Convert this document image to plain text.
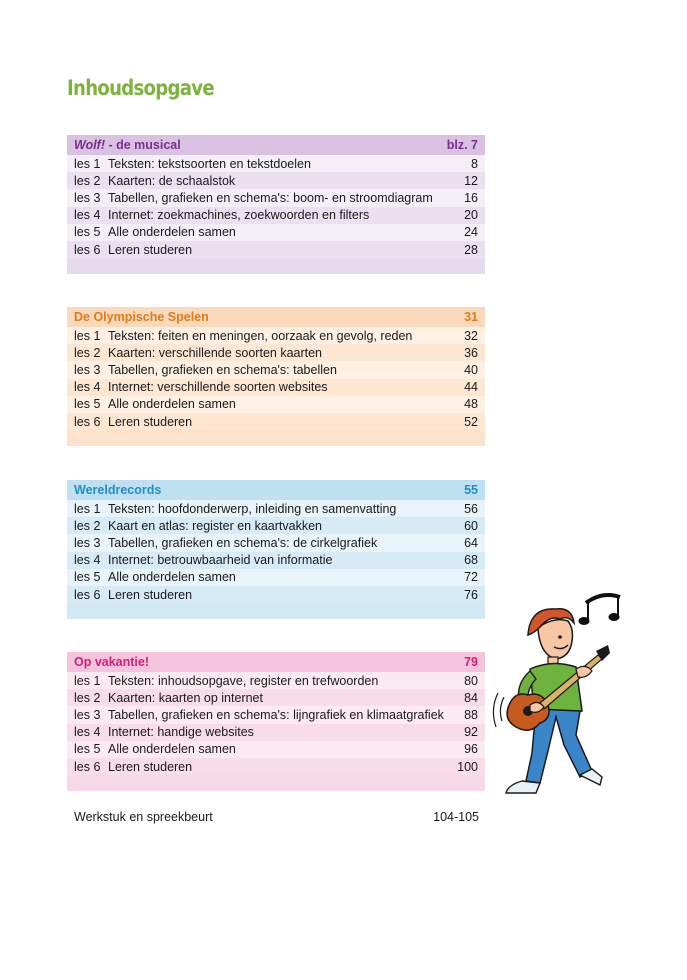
Inhoudsopgave
Wolf! - de musical	blz. 7
les 1 Teksten: tekstsoorten en tekstdoelen	8
les 2 Kaarten: de schaalstok	12
les 3 Tabellen, grafieken en schema's: boom- en stroomdiagram	16
les 4 Internet: zoekmachines, zoekwoorden en filters	20
les 5 Alle onderdelen samen	24
les 6 Leren studeren	28
De Olympische Spelen	31
les 1 Teksten: feiten en meningen, oorzaak en gevolg, reden	32
les 2 Kaarten: verschillende soorten kaarten	36
les 3 Tabellen, grafieken en schema's: tabellen	40
les 4 Internet: verschillende soorten websites	44
les 5 Alle onderdelen samen	48
les 6 Leren studeren	52
Wereldrecords	55
les 1 Teksten: hoofdonderwerp, inleiding en samenvatting	56
les 2 Kaart en atlas: register en kaartvakken	60
les 3 Tabellen, grafieken en schema's: de cirkelgrafiek	64
les 4 Internet: betrouwbaarheid van informatie	68
les 5 Alle onderdelen samen	72
les 6 Leren studeren	76
Op vakantie!	79
les 1 Teksten: inhoudsopgave, register en trefwoorden	80
les 2 Kaarten: kaarten op internet	84
les 3 Tabellen, grafieken en schema's: lijngrafiek en klimaatgrafiek	88
les 4 Internet: handige websites	92
les 5 Alle onderdelen samen	96
les 6 Leren studeren	100
Werkstuk en spreekbeurt	104-105
